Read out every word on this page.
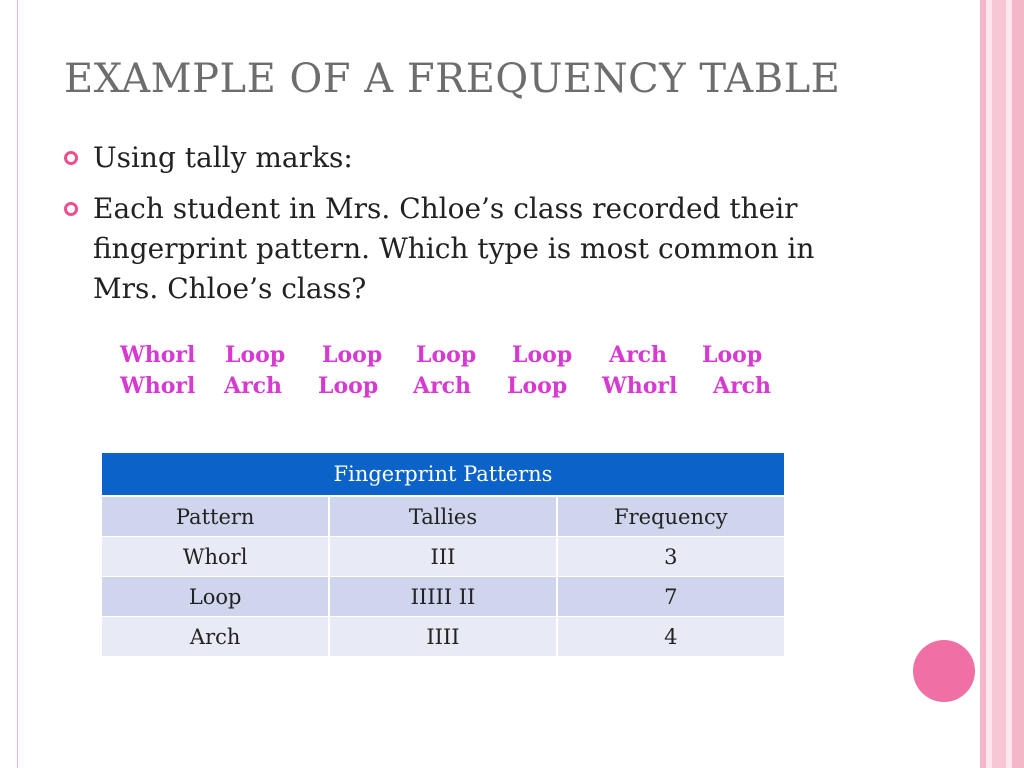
EXAMPLE OF A FREQUENCY TABLE
Using tally marks:
Each student in Mrs. Chloe’s class recorded their fingerprint pattern. Which type is most common in Mrs. Chloe’s class?
Whorl Loop Loop Loop Loop Arch Loop
Whorl Arch Loop Arch Loop Whorl Arch
Fingerprint Patterns		
Pattern	Tallies	Frequency
Whorl	III	3
Loop	IIIII II	7
Arch	IIII	4
